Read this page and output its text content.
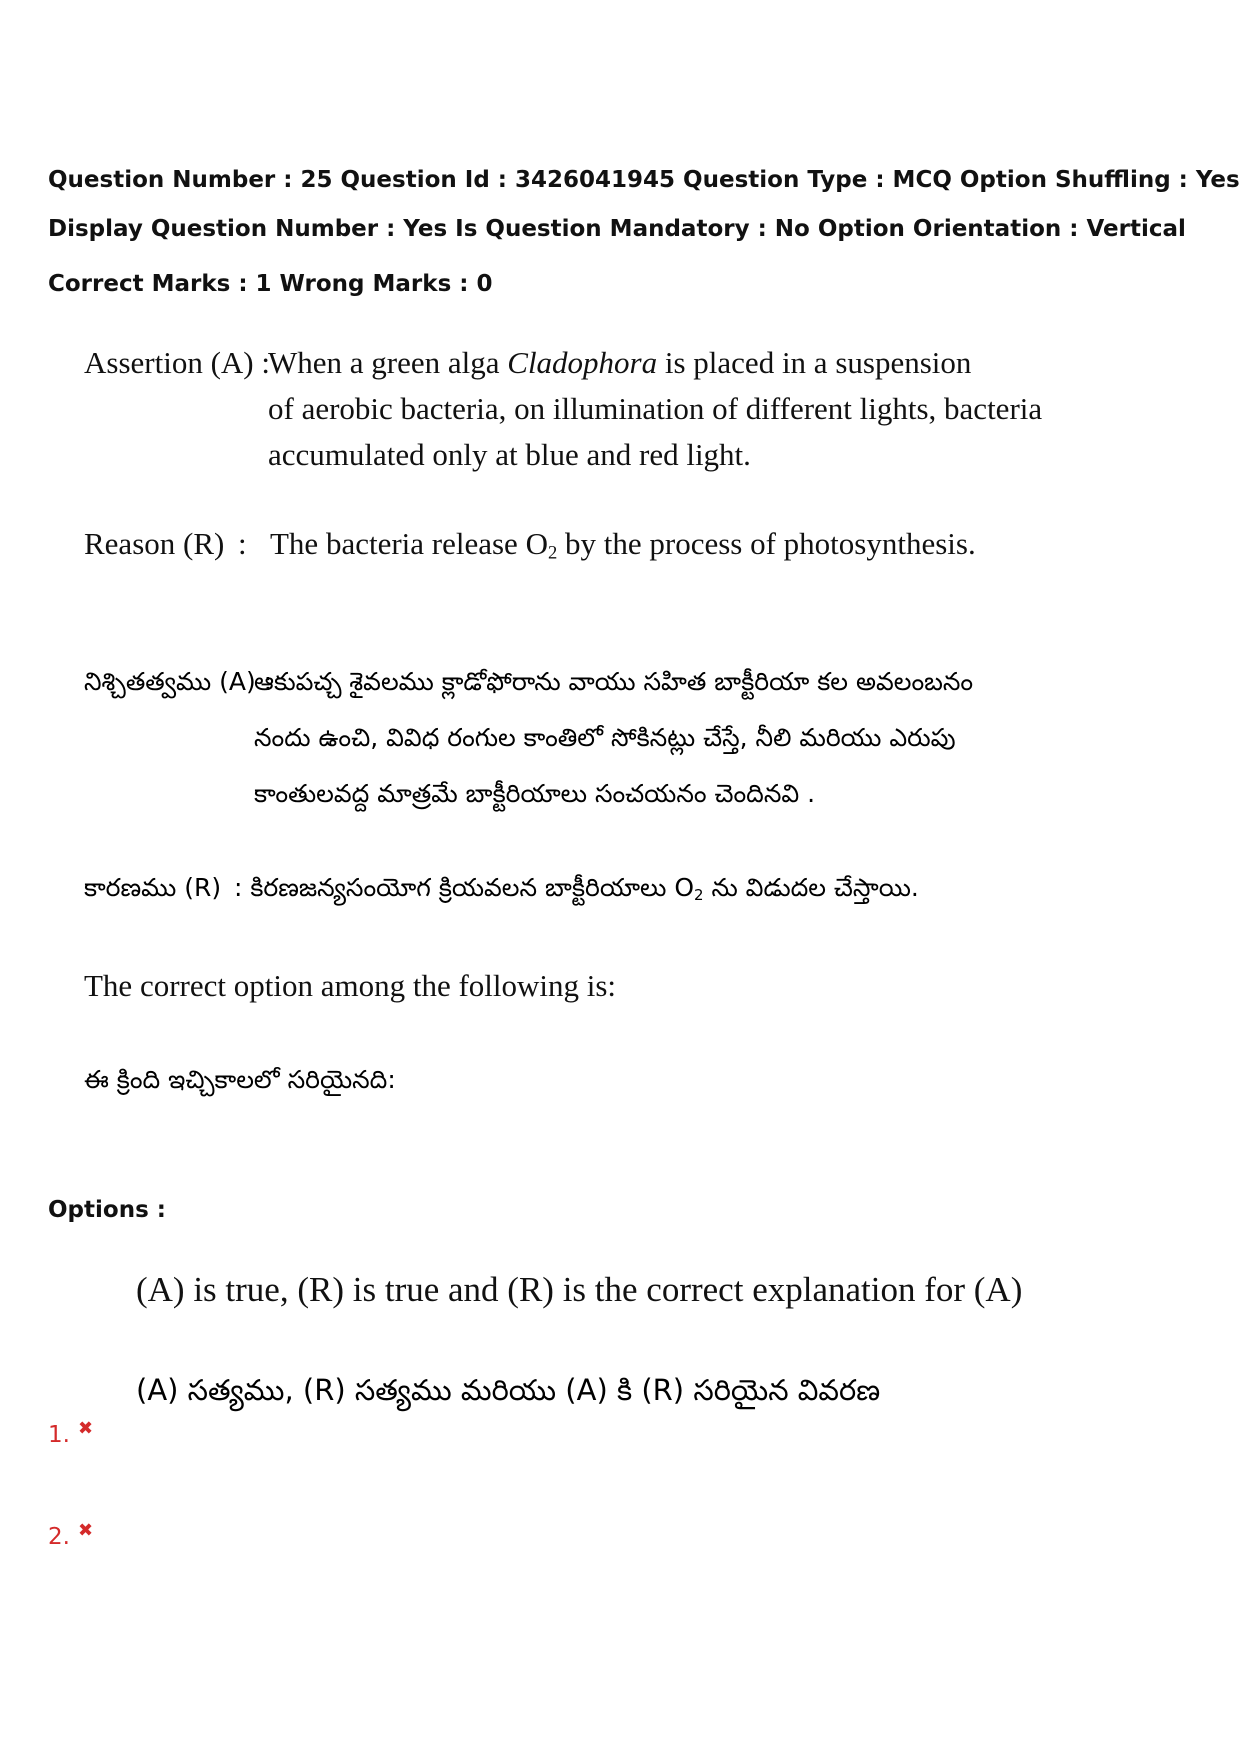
Question Number : 25 Question Id : 3426041945 Question Type : MCQ Option Shuffling : Yes
Display Question Number : Yes Is Question Mandatory : No Option Orientation : Vertical
Correct Marks : 1 Wrong Marks : 0
Assertion (A) :
When a green alga Cladophora is placed in a suspension
of aerobic bacteria, on illumination of different lights, bacteria
accumulated only at blue and red light.
Reason (R) : The bacteria release $O_2$ by the process of photosynthesis.
నిశ్చితత్వము (A) :
ఆకుపచ్చ శైవలము క్లాడోఫోరాను వాయు సహిత బాక్టీరియా కల అవలంబనం
నందు ఉంచి, వివిధ రంగుల కాంతిలో సోకినట్లు చేస్తే, నీలి మరియు ఎరుపు
కాంతులవద్ద మాత్రమే బాక్టీరియాలు సంచయనం చెందినవి .
కారణము (R) : కిరణజన్యసంయోగ క్రియవలన బాక్టీరియాలు $O_2$ ను విడుదల చేస్తాయి.
The correct option among the following is:
ఈ క్రింది ఇచ్చికాలలో సరియైనది:
Options :
(A) is true, (R) is true and (R) is the correct explanation for (A)
(A) సత్యము, (R) సత్యము మరియు (A) కి (R) సరియైన వివరణ
1. ✖
2. ✖
